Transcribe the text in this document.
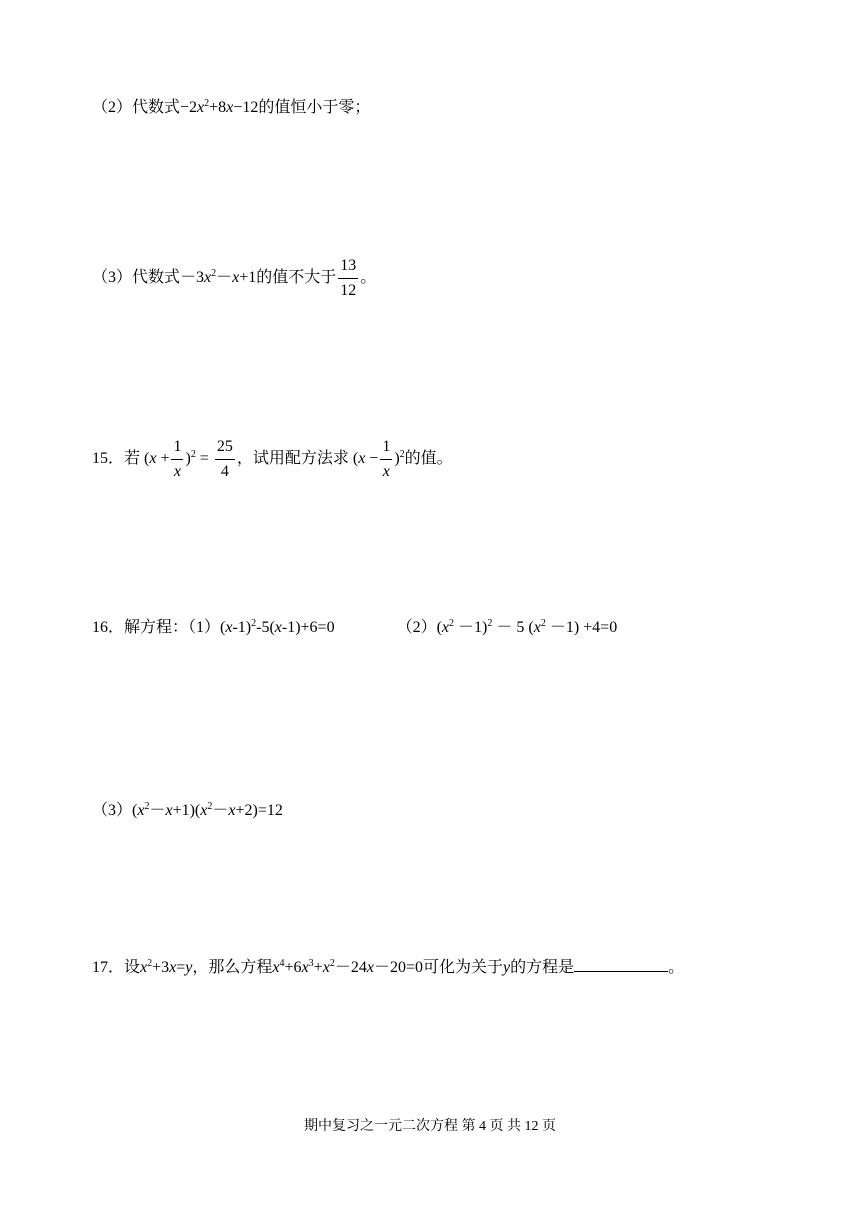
（2）代数式$-2x^2+8x-12$的值恒小于零；
（3）代数式$-3x^2-x+1$的值不大于 $\frac{13}{12}$ 。
15．若 $(x + \frac{1}{x} )^2 = \frac{25}{4}$ ，试用配方法求 $(x - \frac{1}{x} )^2$的值。
16．解方程：$(1)(x-1)^2-5(x-1)+6=0$	$(2)(x^2 -1)^2 - 5$ $(x^2 -1) +4=0$
$(3)(x^2-x+1)(x^2-x+2)=12$
17．设$x^2+3x=y$，那么方程$x^4+6x^3+x^2-24x-20=0$可化为关于y的方程是	。
期中复习之一元二次方程 第 4 页 共 12 页
